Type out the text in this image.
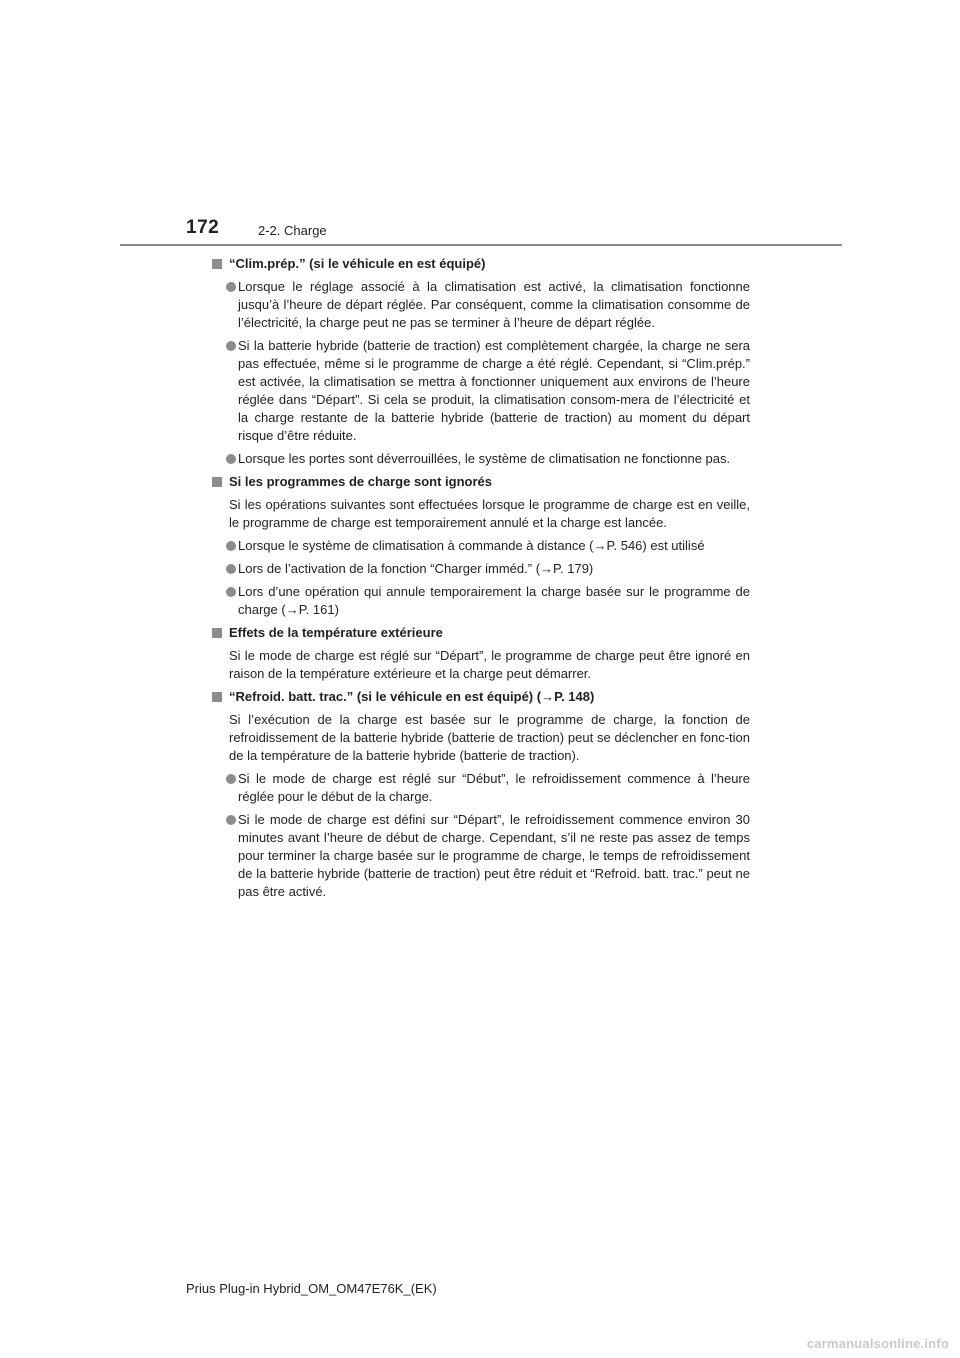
172	2-2. Charge
“Clim.prép.” (si le véhicule en est équipé)
Lorsque le réglage associé à la climatisation est activé, la climatisation fonctionne jusqu’à l’heure de départ réglée. Par conséquent, comme la climatisation consomme de l’électricité, la charge peut ne pas se terminer à l’heure de départ réglée.
Si la batterie hybride (batterie de traction) est complètement chargée, la charge ne sera pas effectuée, même si le programme de charge a été réglé. Cependant, si “Clim.prép.” est activée, la climatisation se mettra à fonctionner uniquement aux environs de l’heure réglée dans “Départ”. Si cela se produit, la climatisation consom-mera de l’électricité et la charge restante de la batterie hybride (batterie de traction) au moment du départ risque d’être réduite.
Lorsque les portes sont déverrouillées, le système de climatisation ne fonctionne pas.
Si les programmes de charge sont ignorés
Si les opérations suivantes sont effectuées lorsque le programme de charge est en veille, le programme de charge est temporairement annulé et la charge est lancée.
Lorsque le système de climatisation à commande à distance (→P. 546) est utilisé
Lors de l’activation de la fonction “Charger imméd.” (→P. 179)
Lors d’une opération qui annule temporairement la charge basée sur le programme de charge (→P. 161)
Effets de la température extérieure
Si le mode de charge est réglé sur “Départ”, le programme de charge peut être ignoré en raison de la température extérieure et la charge peut démarrer.
“Refroid. batt. trac.” (si le véhicule en est équipé) (→P. 148)
Si l’exécution de la charge est basée sur le programme de charge, la fonction de refroidissement de la batterie hybride (batterie de traction) peut se déclencher en fonc-tion de la température de la batterie hybride (batterie de traction).
Si le mode de charge est réglé sur “Début”, le refroidissement commence à l’heure réglée pour le début de la charge.
Si le mode de charge est défini sur “Départ”, le refroidissement commence environ 30 minutes avant l’heure de début de charge. Cependant, s’il ne reste pas assez de temps pour terminer la charge basée sur le programme de charge, le temps de refroidissement de la batterie hybride (batterie de traction) peut être réduit et “Refroid. batt. trac.” peut ne pas être activé.
Prius Plug-in Hybrid_OM_OM47E76K_(EK)
carmanualsonline.info
